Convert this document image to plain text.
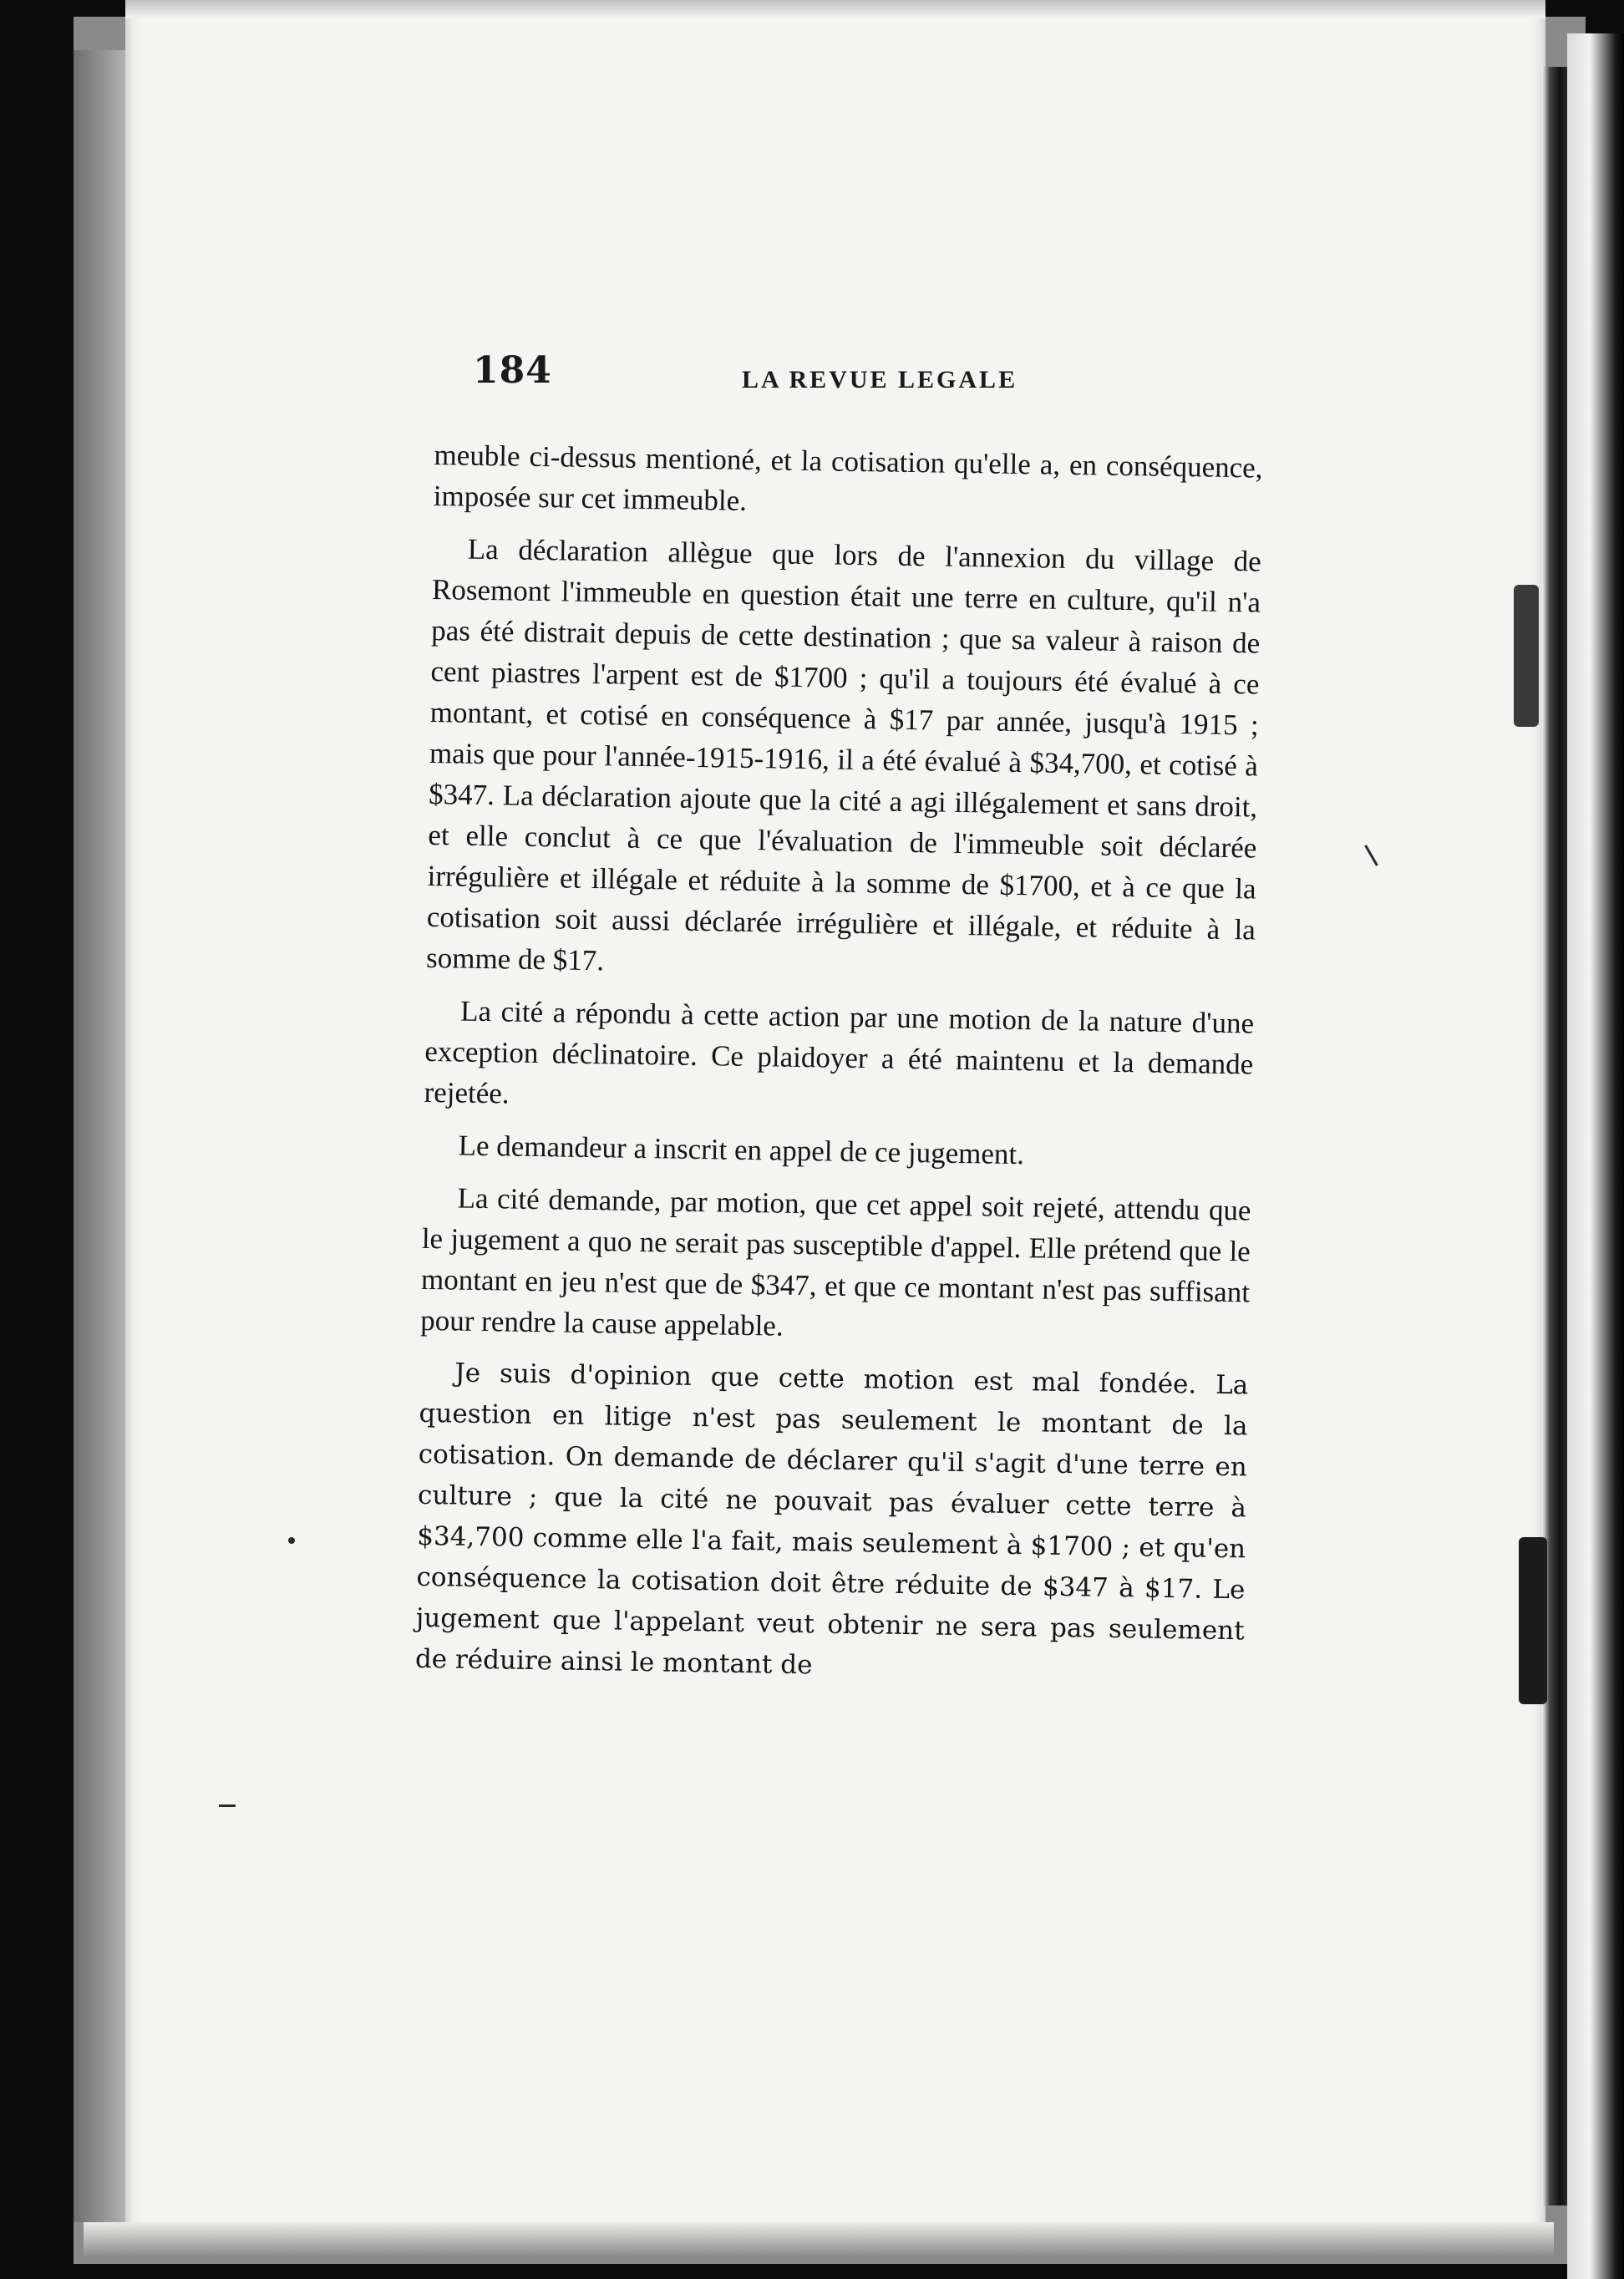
184	LA REVUE LEGALE

meuble ci-dessus mentioné, et la cotisation qu'elle a, en conséquence, imposée sur cet immeuble.

La déclaration allègue que lors de l'annexion du village de Rosemont l'immeuble en question était une terre en culture, qu'il n'a pas été distrait depuis de cette destination ; que sa valeur à raison de cent piastres l'arpent est de $1700 ; qu'il a toujours été évalué à ce montant, et cotisé en conséquence à $17 par année, jusqu'à 1915 ; mais que pour l'année-1915-1916, il a été évalué à $34,700, et cotisé à $347. La déclaration ajoute que la cité a agi illégalement et sans droit, et elle conclut à ce que l'évaluation de l'immeuble soit déclarée irrégulière et illégale et réduite à la somme de $1700, et à ce que la cotisation soit aussi déclarée irrégulière et illégale, et réduite à la somme de $17.

La cité a répondu à cette action par une motion de la nature d'une exception déclinatoire. Ce plaidoyer a été maintenu et la demande rejetée.

Le demandeur a inscrit en appel de ce jugement.

La cité demande, par motion, que cet appel soit rejeté, attendu que le jugement a quo ne serait pas susceptible d'appel. Elle prétend que le montant en jeu n'est que de $347, et que ce montant n'est pas suffisant pour rendre la cause appelable.

Je suis d'opinion que cette motion est mal fondée. La question en litige n'est pas seulement le montant de la cotisation. On demande de déclarer qu'il s'agit d'une terre en culture ; que la cité ne pouvait pas évaluer cette terre à $34,700 comme elle l'a fait, mais seulement à $1700 ; et qu'en conséquence la cotisation doit être réduite de $347 à $17. Le jugement que l'appelant veut obtenir ne sera pas seulement de réduire ainsi le montant de
